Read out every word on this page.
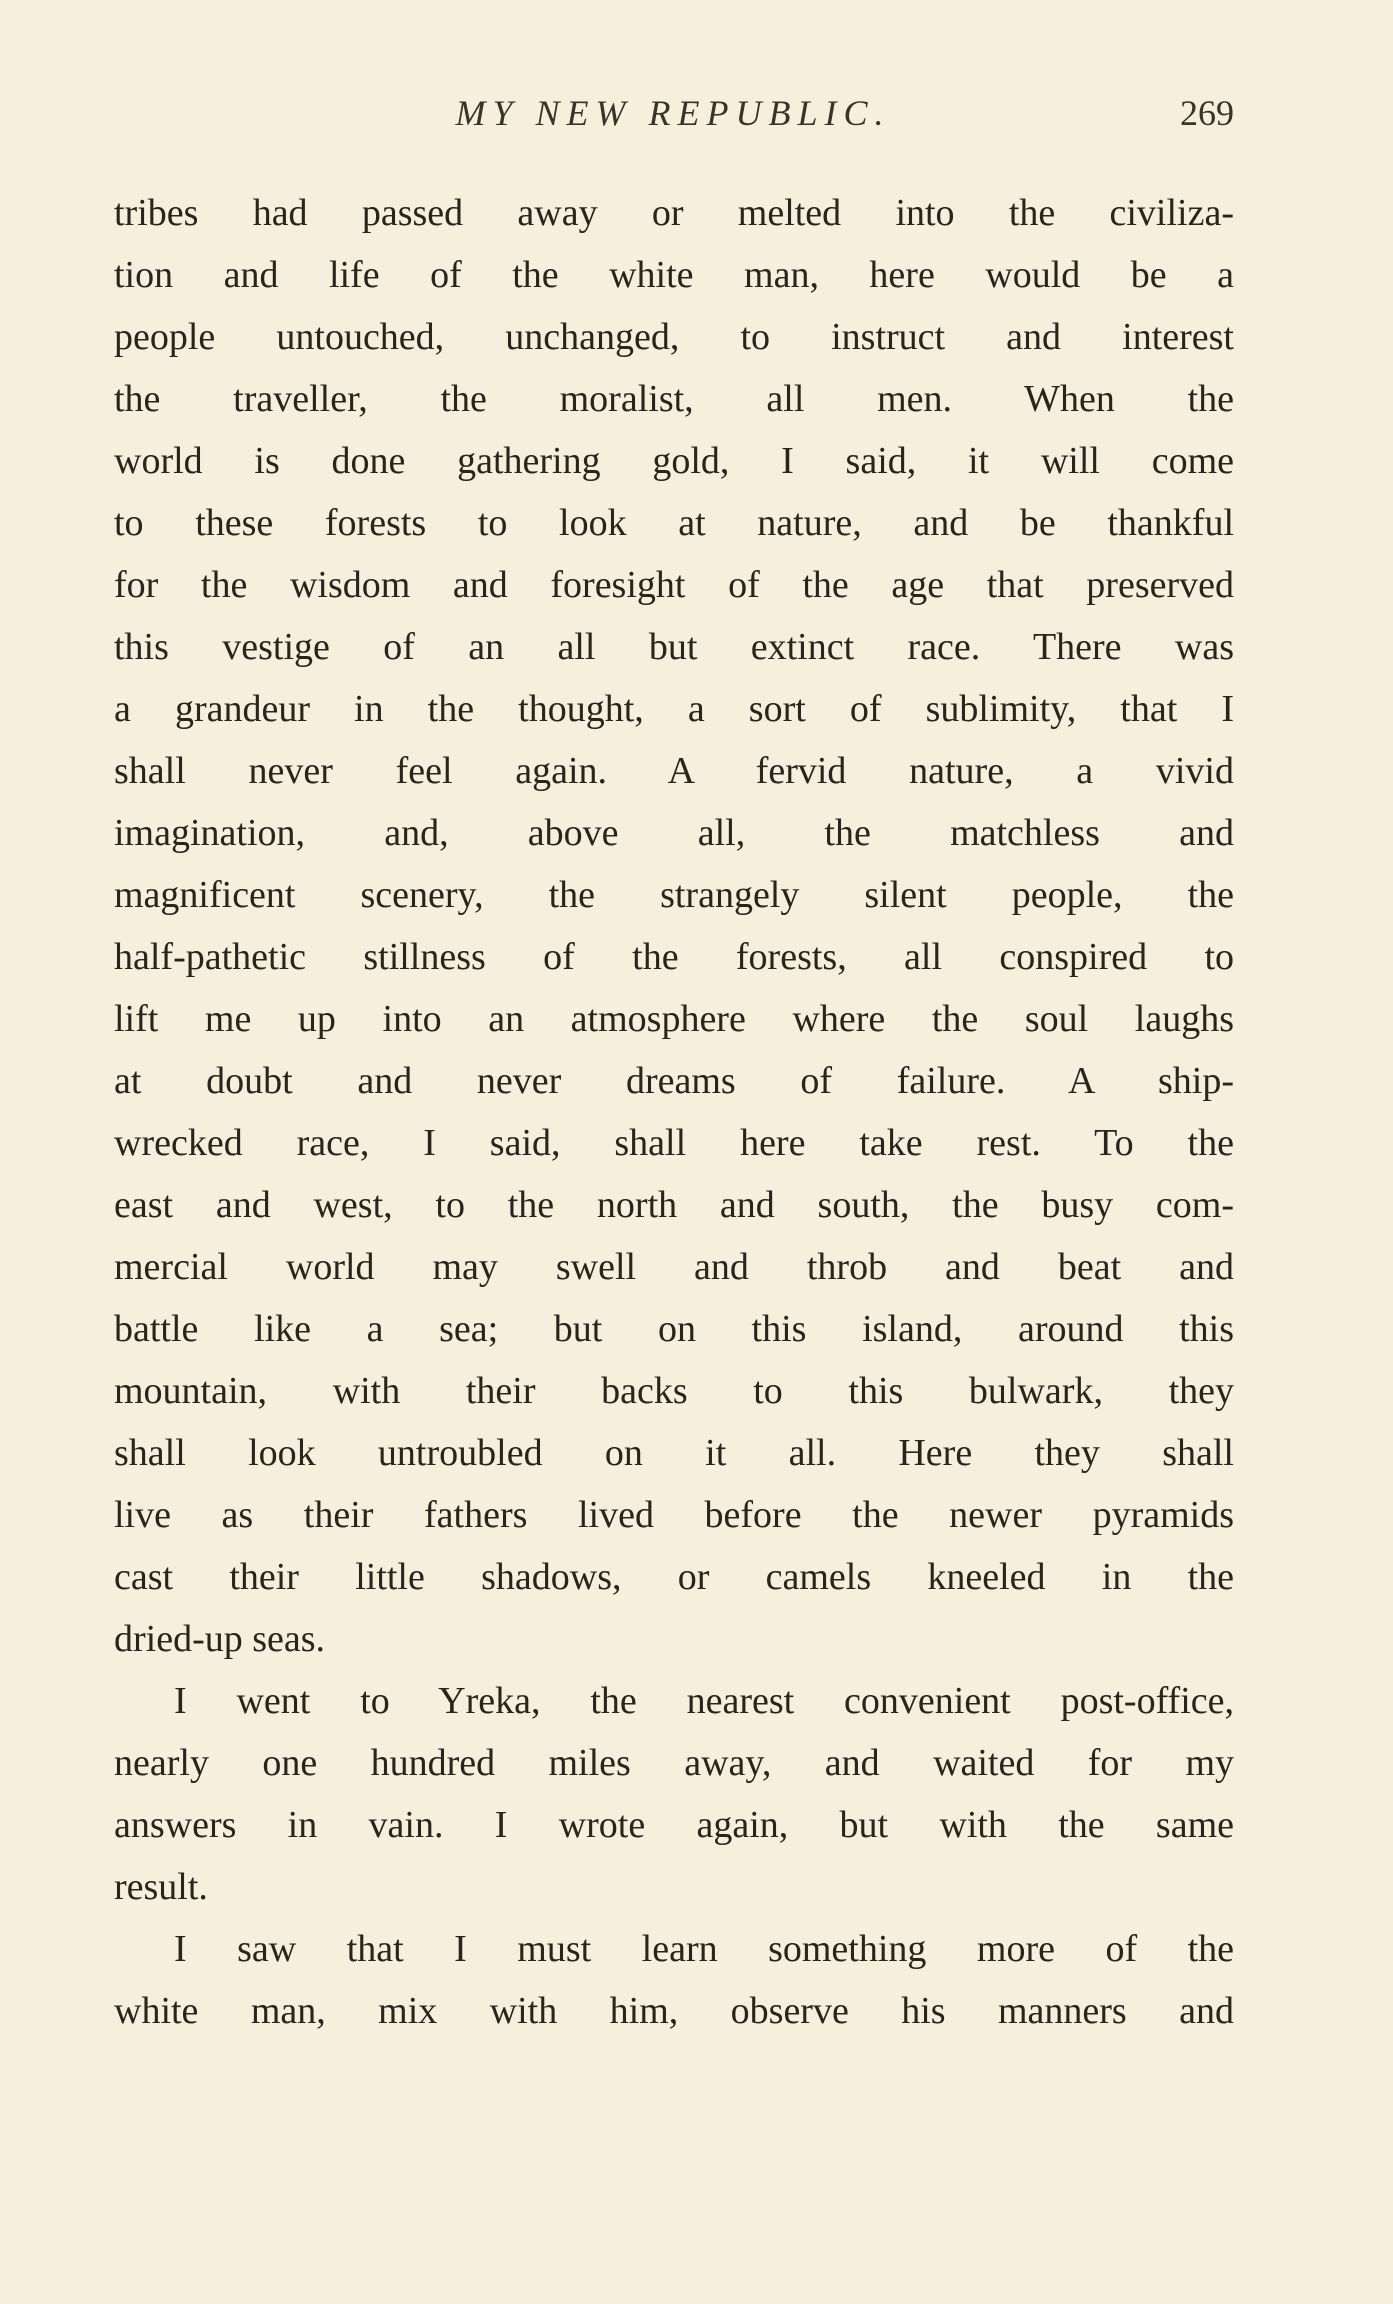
MY NEW REPUBLIC.	269
tribes had passed away or melted into the civiliza-
tion and life of the white man, here would be a
people untouched, unchanged, to instruct and interest
the traveller, the moralist, all men. When the
world is done gathering gold, I said, it will come
to these forests to look at nature, and be thankful
for the wisdom and foresight of the age that preserved
this vestige of an all but extinct race. There was
a grandeur in the thought, a sort of sublimity, that I
shall never feel again. A fervid nature, a vivid
imagination, and, above all, the matchless and
magnificent scenery, the strangely silent people, the
half-pathetic stillness of the forests, all conspired to
lift me up into an atmosphere where the soul laughs
at doubt and never dreams of failure. A ship-
wrecked race, I said, shall here take rest. To the
east and west, to the north and south, the busy com-
mercial world may swell and throb and beat and
battle like a sea; but on this island, around this
mountain, with their backs to this bulwark, they
shall look untroubled on it all. Here they shall
live as their fathers lived before the newer pyramids
cast their little shadows, or camels kneeled in the
dried-up seas.
I went to Yreka, the nearest convenient post-office,
nearly one hundred miles away, and waited for my
answers in vain. I wrote again, but with the same
result.
I saw that I must learn something more of the
white man, mix with him, observe his manners and
